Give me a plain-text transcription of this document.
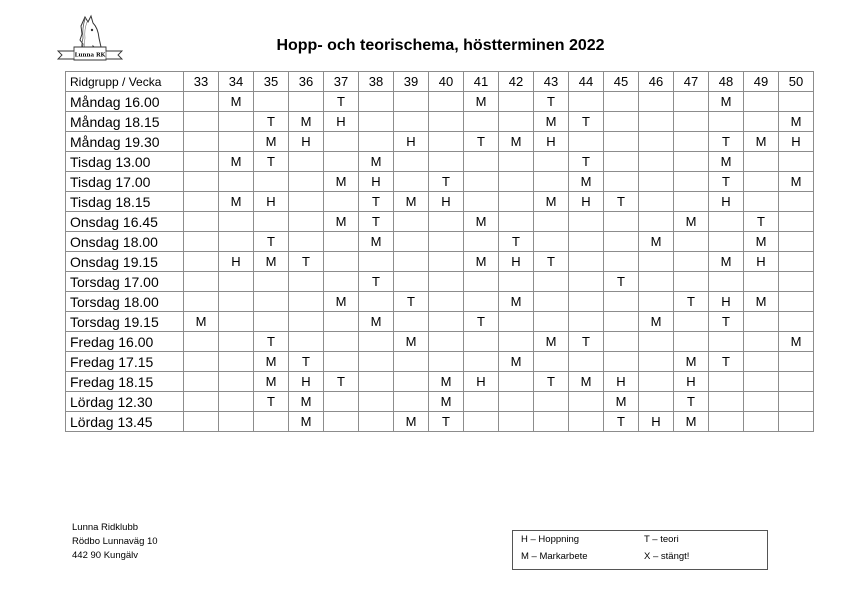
Lunna RK
Hopp- och teorischema, höstterminen 2022
Ridgrupp / Vecka	33	34	35	36	37	38	39	40	41	42	43	44	45	46	47	48	49	50
Måndag 16.00		M			T				M		T					M		
Måndag 18.15			T	M	H						M	T						M
Måndag 19.30			M	H			H		T	M	H					T	M	H
Tisdag 13.00		M	T			M						T				M		
Tisdag 17.00					M	H		T				M				T		M
Tisdag 18.15		M	H			T	M	H			M	H	T			H		
Onsdag 16.45					M	T			M						M		T	
Onsdag 18.00			T			M				T				M			M	
Onsdag 19.15		H	M	T					M	H	T					M	H	
Torsdag 17.00						T							T					
Torsdag 18.00					M		T			M					T	H	M	
Torsdag 19.15	M					M			T					M		T		
Fredag 16.00			T				M				M	T						M
Fredag 17.15			M	T						M					M	T		
Fredag 18.15			M	H	T			M	H		T	M	H		H			
Lördag 12.30			T	M				M					M		T			
Lördag 13.45				M			M	T					T	H	M			
Lunna Ridklubb
Rödbo Lunnaväg 10
442 90 Kungälv
H – Hoppning	T – teori
M – Markarbete	X – stängt!
